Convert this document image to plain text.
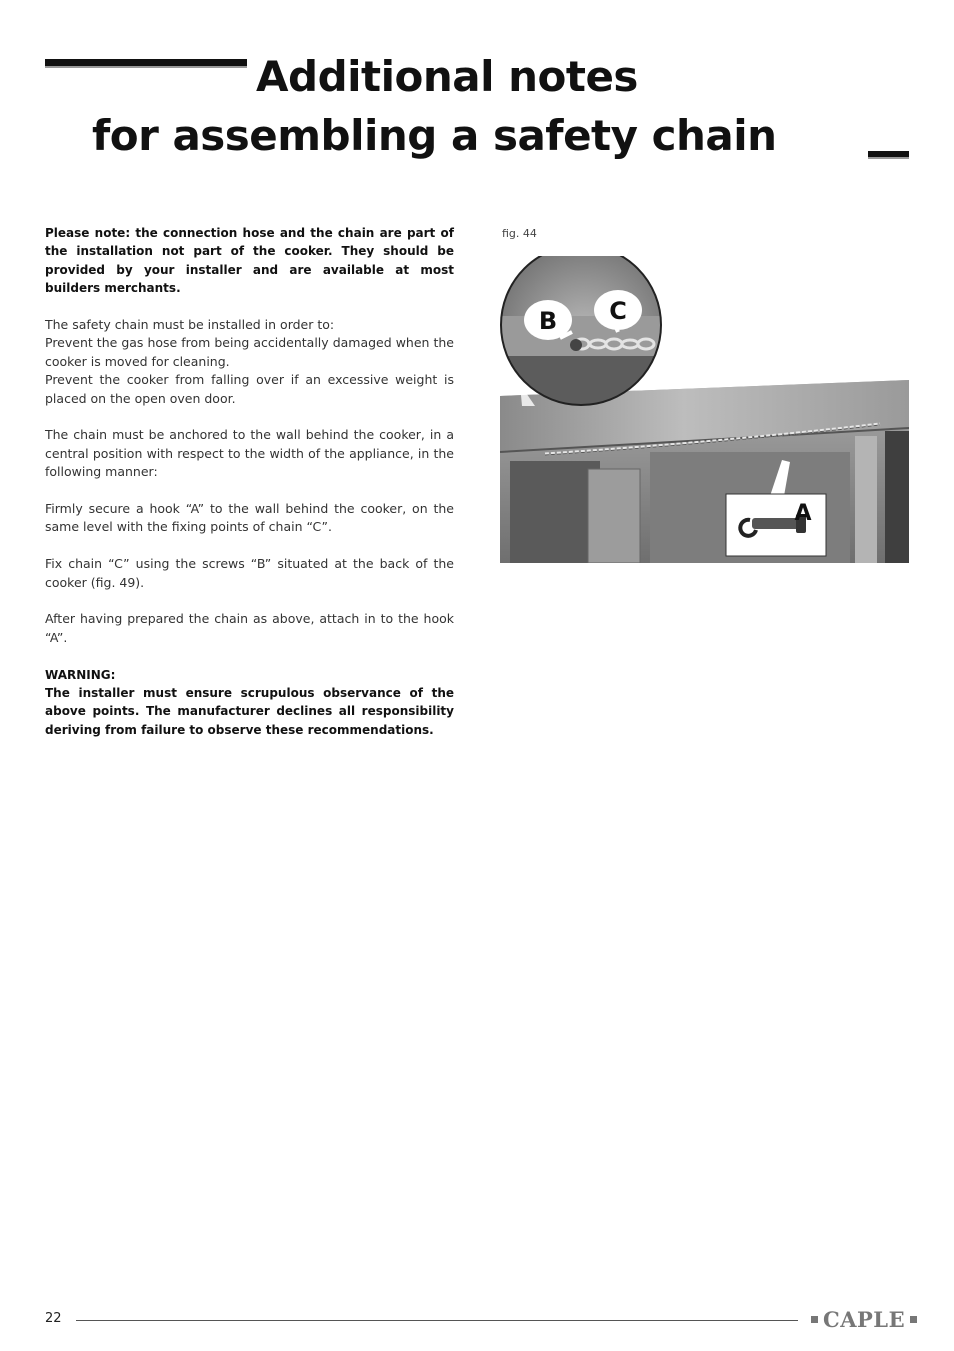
Additional notes
for assembling a safety chain

Please note: the connection hose and the chain are part of the installation not part of the cooker. They should be provided by your installer and are available at most builders merchants.

The safety chain must be installed in order to:
Prevent the gas hose from being accidentally damaged when the cooker is moved for cleaning.
Prevent the cooker from falling over if an excessive weight is placed on the open oven door.

The chain must be anchored to the wall behind the cooker, in a central position with respect to the width of the appliance, in the following manner:

Firmly secure a hook “A” to the wall behind the cooker, on the same level with the fixing points of chain “C”.

Fix chain “C” using the screws “B” situated at the back of the cooker (fig. 49).

After having prepared the chain as above, attach in to the hook “A”.

WARNING:
The installer must ensure scrupulous observance of the above points. The manufacturer declines all responsibility deriving from failure to observe these recommendations.

fig. 44
B C
A
22	CAPLE
